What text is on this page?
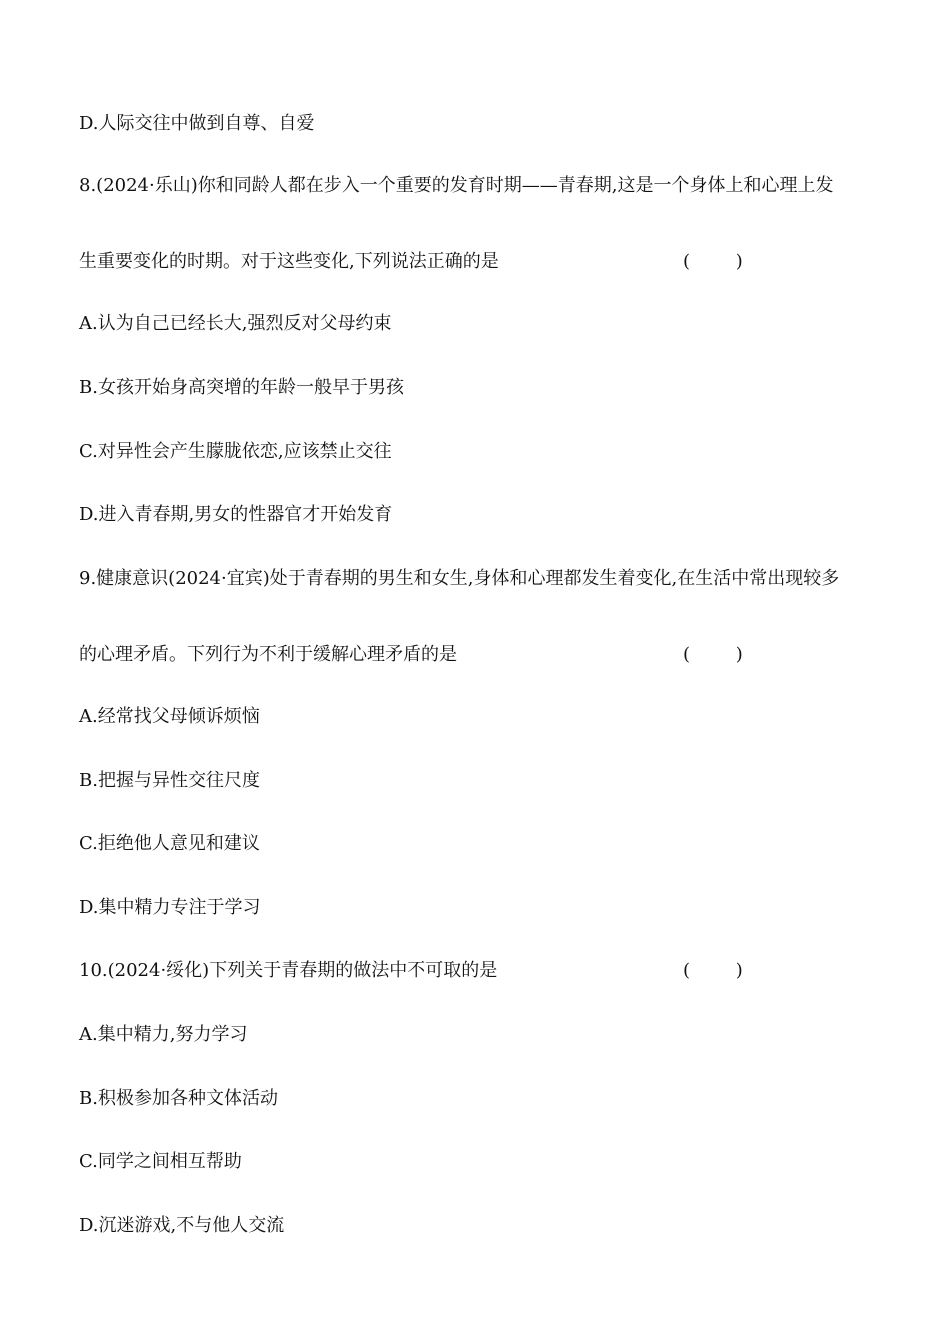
D.人际交往中做到自尊、自爱
8.(2024·乐山)你和同龄人都在步入一个重要的发育时期——青春期,这是一个身体上和心理上发
生重要变化的时期。对于这些变化,下列说法正确的是	(        )
A.认为自己已经长大,强烈反对父母约束
B.女孩开始身高突增的年龄一般早于男孩
C.对异性会产生朦胧依恋,应该禁止交往
D.进入青春期,男女的性器官才开始发育
9.健康意识(2024·宜宾)处于青春期的男生和女生,身体和心理都发生着变化,在生活中常出现较多
的心理矛盾。下列行为不利于缓解心理矛盾的是	(        )
A.经常找父母倾诉烦恼
B.把握与异性交往尺度
C.拒绝他人意见和建议
D.集中精力专注于学习
10.(2024·绥化)下列关于青春期的做法中不可取的是	(        )
A.集中精力,努力学习
B.积极参加各种文体活动
C.同学之间相互帮助
D.沉迷游戏,不与他人交流
